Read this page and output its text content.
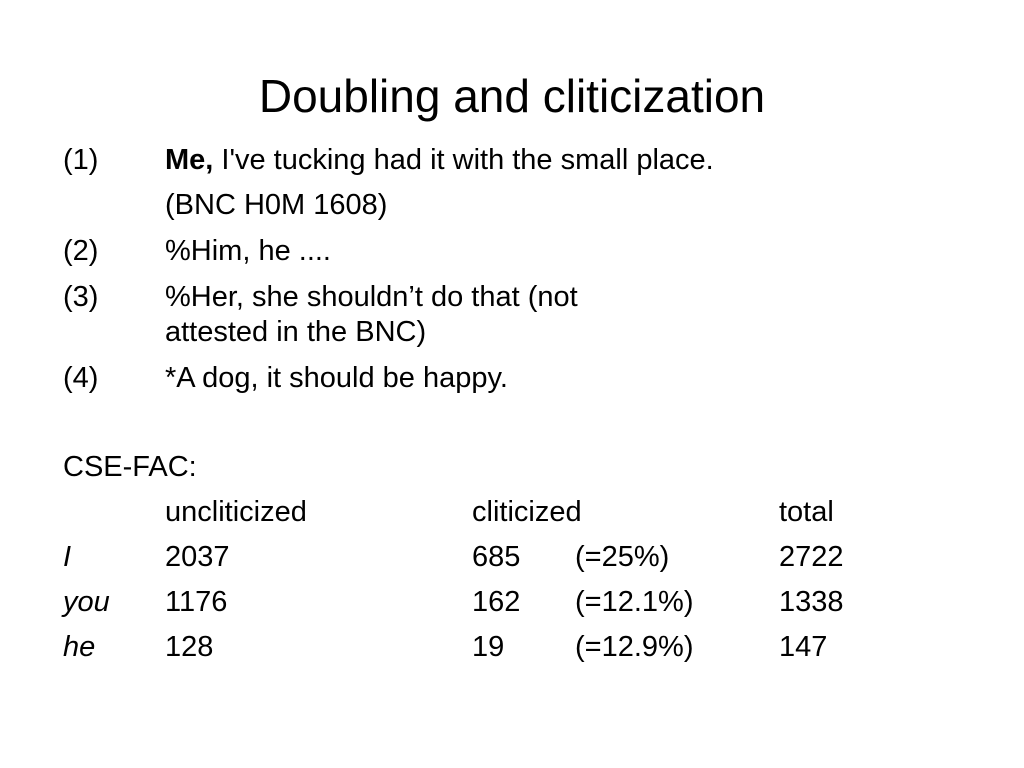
Doubling and cliticization
(1) Me, I've tucking had it with the small place.
(BNC H0M 1608)
(2) %Him, he ....
(3) %Her, she shouldn’t do that (not
attested in the BNC)
(4) *A dog, it should be happy.
CSE-FAC:
uncliticized	cliticized	total
I	2037	685 (=25%)	2722
you 1176	162 (=12.1%)	1338
he 128	19 (=12.9%)	147
